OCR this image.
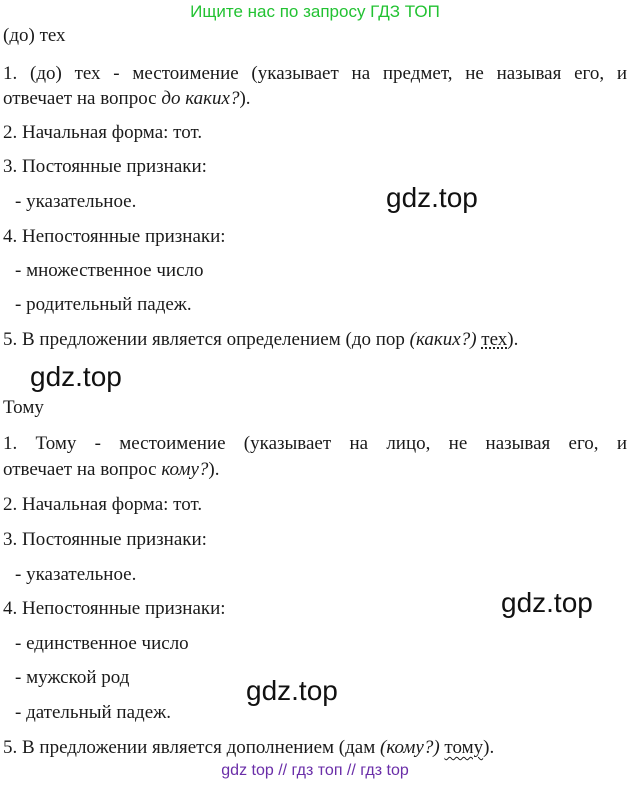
Ищите нас по запросу ГДЗ ТОП
(до) тех
1. (до) тех - местоимение (указывает на предмет, не называя его, и
отвечает на вопрос до каких?).
2. Начальная форма: тот.
3. Постоянные признаки:
- указательное.
4. Непостоянные признаки:
- множественное число
- родительный падеж.
5. В предложении является определением (до пор (каких?) тех).
Тому
1. Тому - местоимение (указывает на лицо, не называя его, и
отвечает на вопрос кому?).
2. Начальная форма: тот.
3. Постоянные признаки:
- указательное.
4. Непостоянные признаки:
- единственное число
- мужской род
- дательный падеж.
5. В предложении является дополнением (дам (кому?) тому).
gdz.top
gdz.top
gdz.top
gdz.top
gdz top // гдз топ // гдз top
